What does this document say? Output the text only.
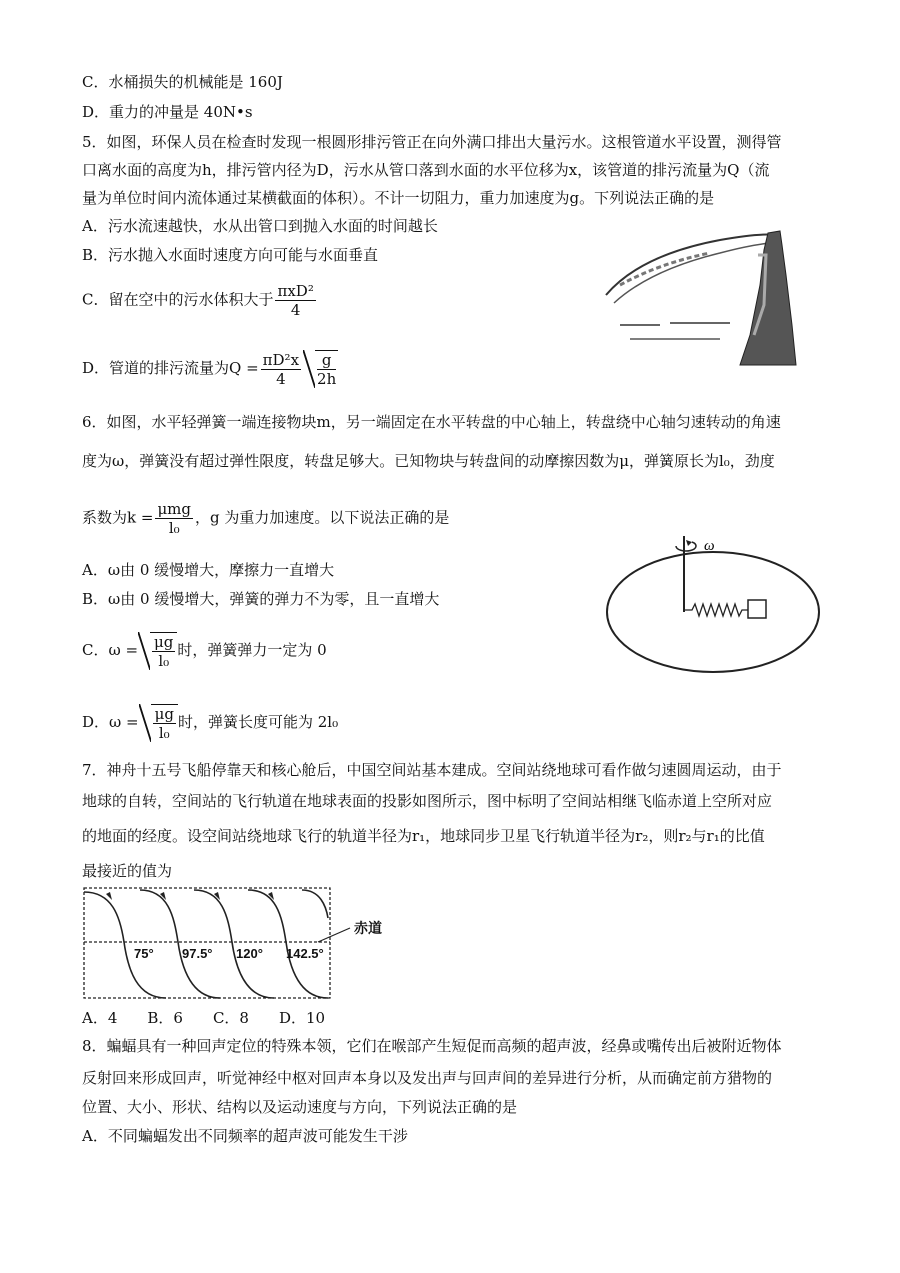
C．水桶损失的机械能是 160J
D．重力的冲量是 40N•s
5．如图，环保人员在检查时发现一根圆形排污管正在向外满口排出大量污水。这根管道水平设置，测得管
口离水面的高度为h，排污管内径为D，污水从管口落到水面的水平位移为x，该管道的排污流量为Q（流
量为单位时间内流体通过某横截面的体积）。不计一切阻力，重力加速度为g。下列说法正确的是
A．污水流速越快，水从出管口到抛入水面的时间越长
B．污水抛入水面时速度方向可能与水面垂直
C．留在空中的污水体积大于 $\frac{\text{πxD²}}{4}$
D．管道的排污流量为$Q = \frac{\text{πD²x}}{4} \frac{g}{2h}$
6．如图，水平轻弹簧一端连接物块m，另一端固定在水平转盘的中心轴上，转盘绕中心轴匀速转动的角速
度为ω，弹簧没有超过弹性限度，转盘足够大。已知物块与转盘间的动摩擦因数为μ，弹簧原长为l₀，劲度
系数为$k = \frac{\text{μmg}}{\text{l₀}}$ ，g 为重力加速度。以下说法正确的是
A．ω由 0 缓慢增大，摩擦力一直增大
B．ω由 0 缓慢增大，弹簧的弹力不为零，且一直增大
C．$\omega = \frac{\mu g}{\text{l₀}}$ 时，弹簧弹力一定为 0
D．$\omega = \frac{\mu g}{\text{l₀}}$ 时，弹簧长度可能为 2l₀
ω
7．神舟十五号飞船停靠天和核心舱后，中国空间站基本建成。空间站绕地球可看作做匀速圆周运动，由于
地球的自转，空间站的飞行轨道在地球表面的投影如图所示，图中标明了空间站相继飞临赤道上空所对应
的地面的经度。设空间站绕地球飞行的轨道半径为r₁，地球同步卫星飞行轨道半径为r₂，则r₂与r₁的比值
最接近的值为
75° 97.5° 120° 142.5°
赤道
A．4　　B．6　　C．8　　D．10
8．蝙蝠具有一种回声定位的特殊本领，它们在喉部产生短促而高频的超声波，经鼻或嘴传出后被附近物体
反射回来形成回声，听觉神经中枢对回声本身以及发出声与回声间的差异进行分析，从而确定前方猎物的
位置、大小、形状、结构以及运动速度与方向，下列说法正确的是
A．不同蝙蝠发出不同频率的超声波可能发生干涉
